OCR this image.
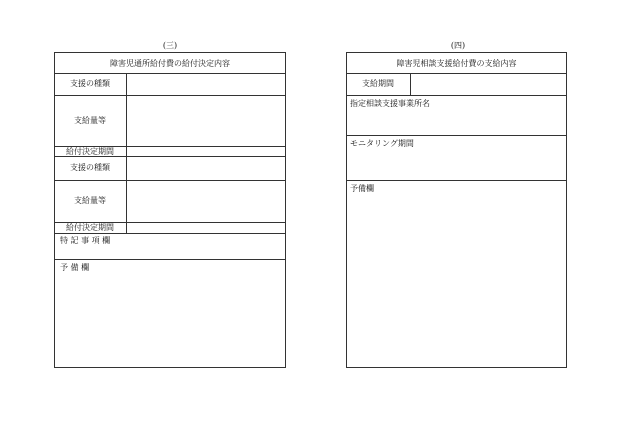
(三)
障害児通所給付費の給付決定内容
支援の種類
支給量等
給付決定期間
支援の種類
支給量等
給付決定期間
特 記 事 項 欄
予 備 欄
(四)
障害児相談支援給付費の支給内容
支給期間
指定相談支援事業所名
モニタリング期間
予備欄
